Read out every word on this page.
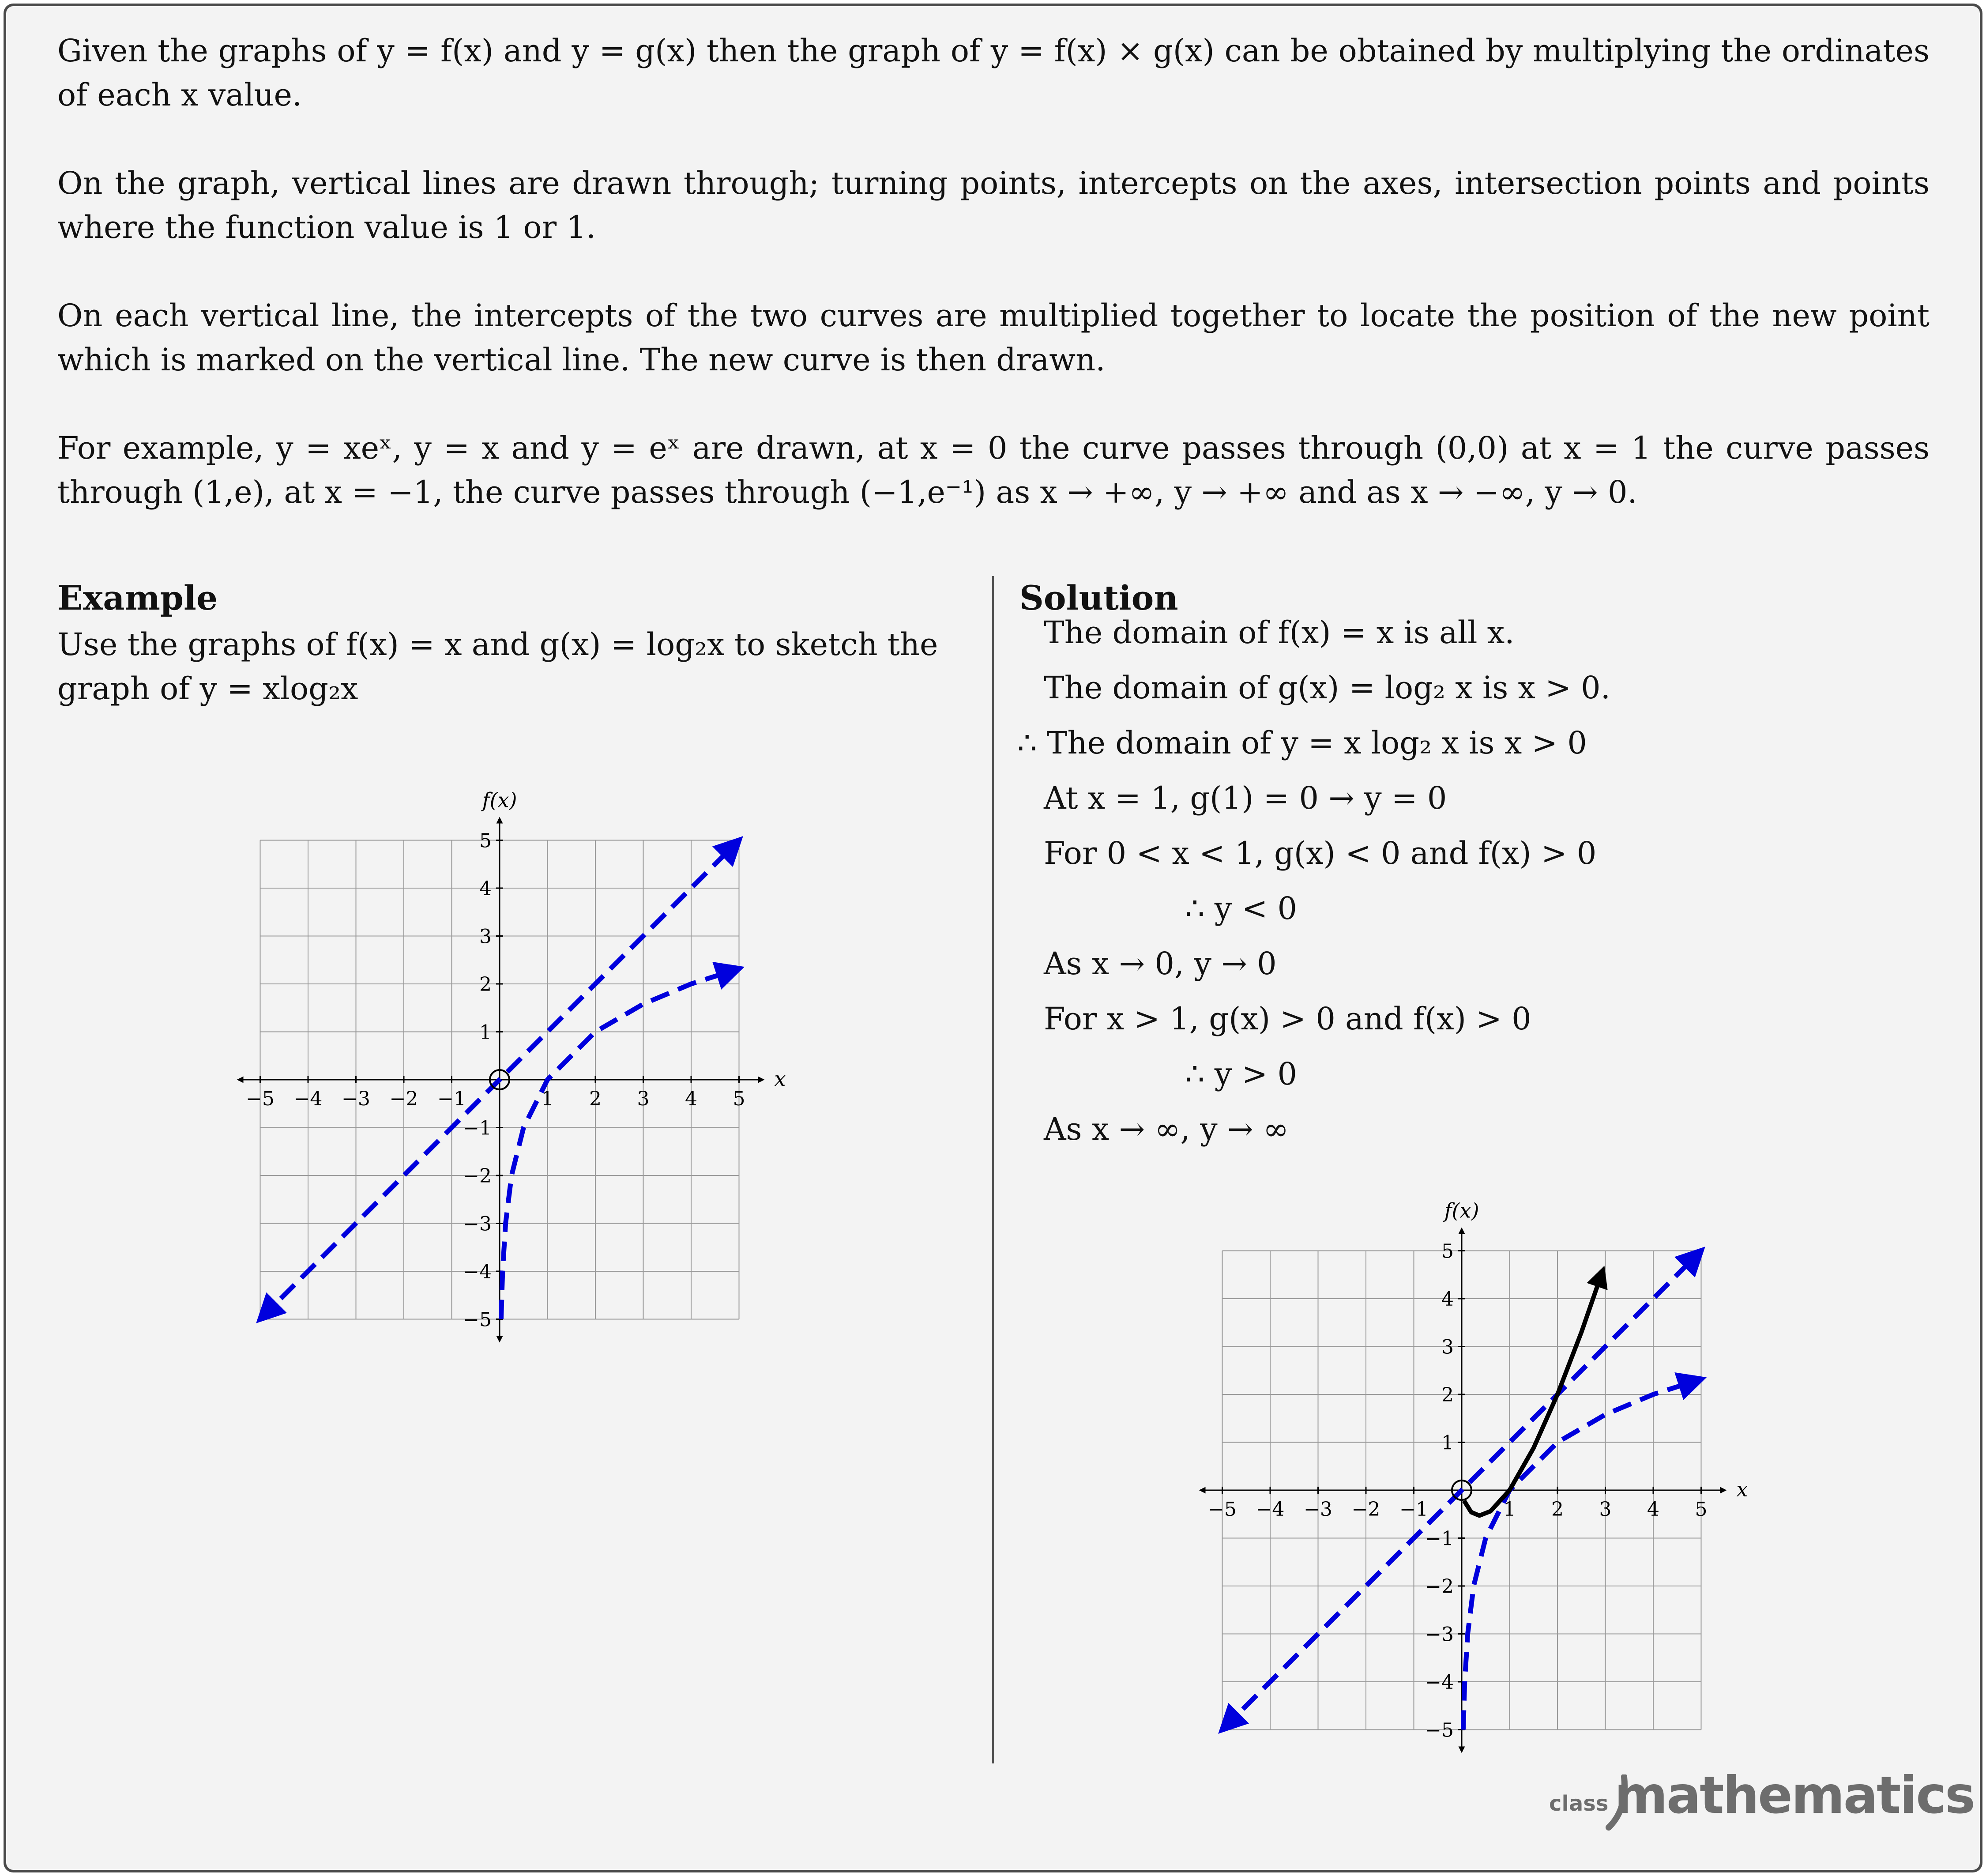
Given the graphs of y = f(x) and y = g(x) then the graph of y = f(x) × g(x) can be obtained by multiplying the ordinates of each x value.
On the graph, vertical lines are drawn through; turning points, intercepts on the axes, intersection points and points where the function value is 1 or 1.
On each vertical line, the intercepts of the two curves are multiplied together to locate the position of the new point which is marked on the vertical line. The new curve is then drawn.
For example, y = xeˣ, y = x and y = eˣ are drawn, at x = 0 the curve passes through (0,0) at x = 1 the curve passes through (1,e), at x = −1, the curve passes through (−1,e⁻¹) as x → +∞, y → +∞ and as x → −∞, y → 0.
Example
Use the graphs of f(x) = x and g(x) = log₂x to sketch the graph of y = xlog₂x
Solution
The domain of f(x) = x is all x.
The domain of g(x) = log₂ x is x > 0.
∴ The domain of y = x log₂ x is x > 0
At x = 1, g(1) = 0 → y = 0
For 0 < x < 1, g(x) < 0 and f(x) > 0
∴ y < 0
As x → 0, y → 0
For x > 1, g(x) > 0 and f(x) > 0
∴ y > 0
As x → ∞, y → ∞
−5 −4 −3 −2 −1	1 2 3 4 5
5
4
3
2
1
−1
−2
−3
−4
−5
x
f(x)
−5 −4 −3 −2 −1	1 2 3 4 5
5
4
3
2
1
−1
−2
−3
−4
−5
x
f(x)
class mathematics
